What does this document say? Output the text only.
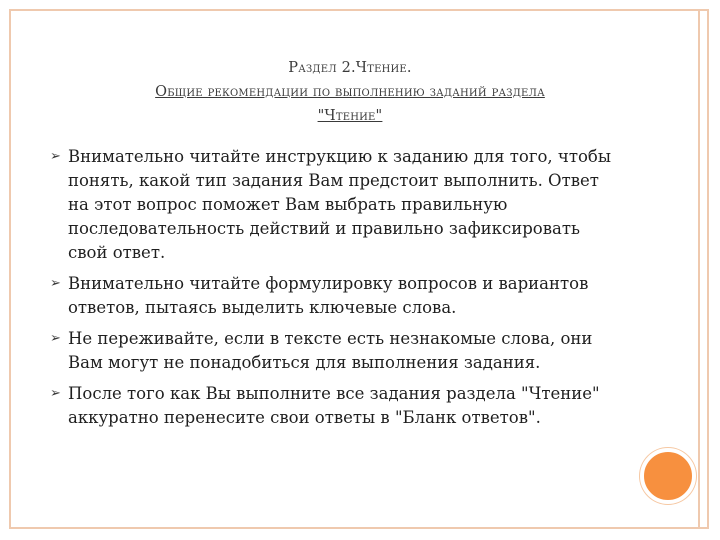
Раздел 2.Чтение.
Общие рекомендации по выполнению заданий раздела
"Чтение"
➢ Внимательно читайте инструкцию к заданию для того, чтобы понять, какой тип задания Вам предстоит выполнить. Ответ на этот вопрос поможет Вам выбрать правильную последовательность действий и правильно зафиксировать свой ответ.
➢ Внимательно читайте формулировку вопросов и вариантов ответов, пытаясь выделить ключевые слова.
➢ Не переживайте, если в тексте есть незнакомые слова, они Вам могут не понадобиться для выполнения задания.
➢ После того как Вы выполните все задания раздела "Чтение" аккуратно перенесите свои ответы в "Бланк ответов".
